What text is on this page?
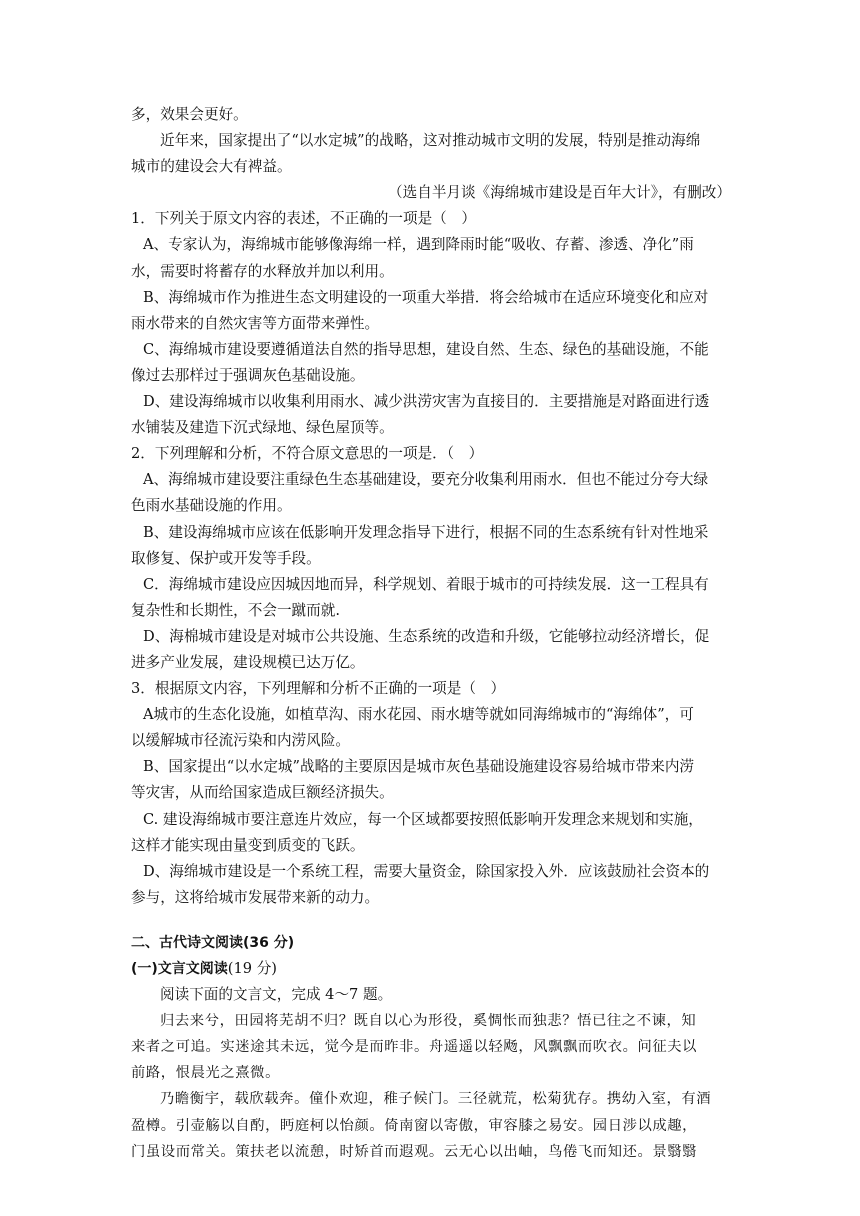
多，效果会更好。
近年来，国家提出了“以水定城”的战略，这对推动城市文明的发展，特别是推动海绵
城市的建设会大有裨益。
（选自半月谈《海绵城市建设是百年大计》，有删改）
1．下列关于原文内容的表述，不正确的一项是（　）
A、专家认为，海绵城市能够像海绵一样，遇到降雨时能“吸收、存蓄、渗透、净化”雨
水，需要时将蓄存的水释放并加以利用。
B、海绵城市作为推进生态文明建设的一项重大举措．将会给城市在适应环境变化和应对
雨水带来的自然灾害等方面带来弹性。
C、海绵城市建设要遵循道法自然的指导思想，建设自然、生态、绿色的基础设施，不能
像过去那样过于强调灰色基础设施。
D、建设海绵城市以收集利用雨水、减少洪涝灾害为直接目的．主要措施是对路面进行透
水铺装及建造下沉式绿地、绿色屋顶等。
2．下列理解和分析，不符合原文意思的一项是．（　）
A、海绵城市建设要注重绿色生态基础建设，要充分收集利用雨水．但也不能过分夸大绿
色雨水基础设施的作用。
B、建设海绵城市应该在低影响开发理念指导下进行，根据不同的生态系统有针对性地采
取修复、保护或开发等手段。
C．海绵城市建设应因城因地而异，科学规划、着眼于城市的可持续发展．这一工程具有
复杂性和长期性，不会一蹴而就.
D、海棉城市建设是对城市公共设施、生态系统的改造和升级，它能够拉动经济增长，促
进多产业发展，建设规模已达万亿。
3．根据原文内容，下列理解和分析不正确的一项是（　）
A城市的生态化设施，如植草沟、雨水花园、雨水塘等就如同海绵城市的“海绵体”，可
以缓解城市径流污染和内涝风险。
B、国家提出“以水定城”战略的主要原因是城市灰色基础设施建设容易给城市带来内涝
等灾害，从而给国家造成巨额经济损失。
C. 建设海绵城市要注意连片效应，每一个区域都要按照低影响开发理念来规划和实施，
这样才能实现由量变到质变的飞跃。
D、海绵城市建设是一个系统工程，需要大量资金，除国家投入外．应该鼓励社会资本的
参与，这将给城市发展带来新的动力。
二、古代诗文阅读(36 分)
(一)文言文阅读(19 分)
阅读下面的文言文，完成 4～7 题。
归去来兮，田园将芜胡不归？既自以心为形役，奚惆怅而独悲？悟已往之不谏，知
来者之可追。实迷途其未远，觉今是而昨非。舟遥遥以轻飏，风飘飘而吹衣。问征夫以
前路，恨晨光之熹微。
乃瞻衡宇，载欣载奔。僮仆欢迎，稚子候门。三径就荒，松菊犹存。携幼入室，有酒
盈樽。引壶觞以自酌，眄庭柯以怡颜。倚南窗以寄傲，审容膝之易安。园日涉以成趣，
门虽设而常关。策扶老以流憩，时矫首而遐观。云无心以出岫，鸟倦飞而知还。景翳翳
